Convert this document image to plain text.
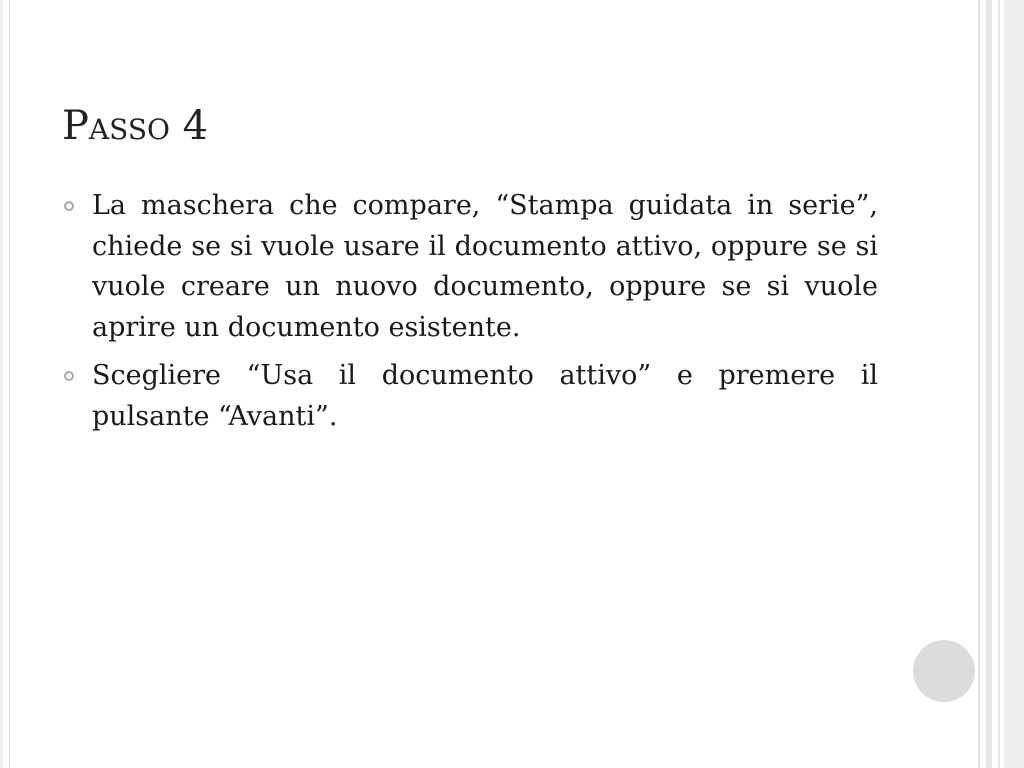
Passo 4
La maschera che compare, “Stampa guidata in serie”, chiede se si vuole usare il documento attivo, oppure se si vuole creare un nuovo documento, oppure se si vuole aprire un documento esistente.
Scegliere “Usa il documento attivo” e premere il pulsante “Avanti”.
